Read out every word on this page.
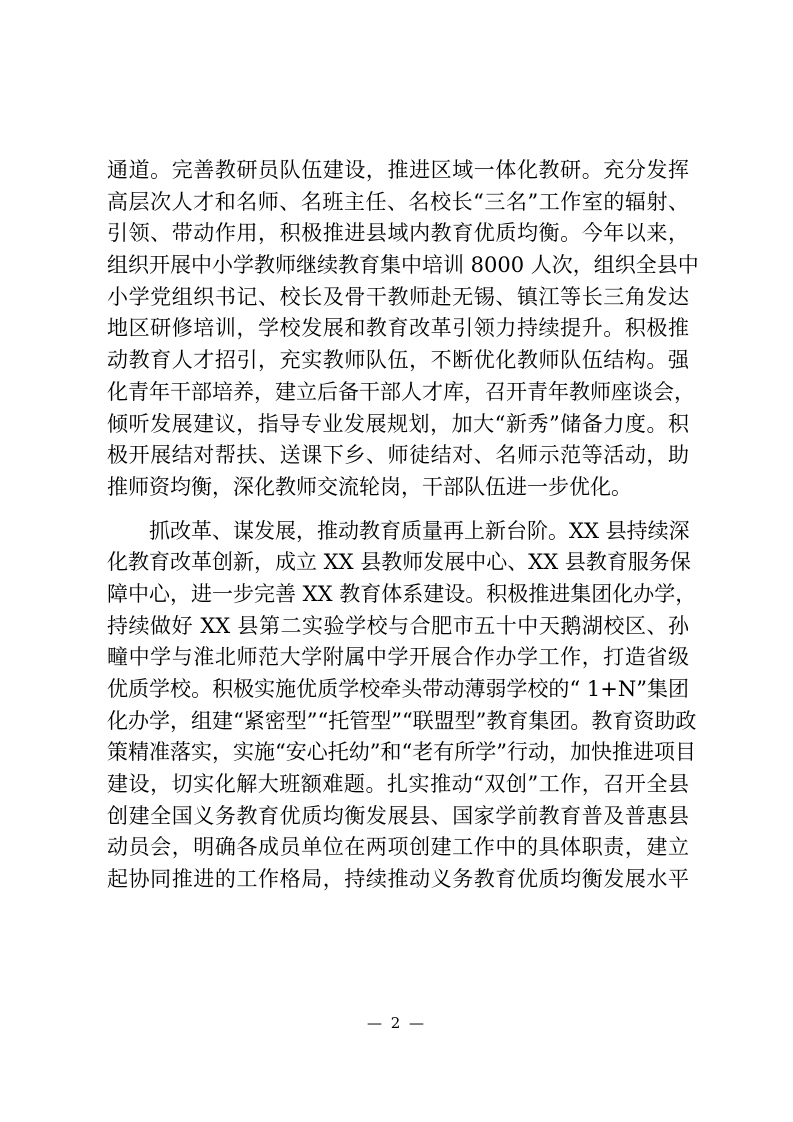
通道。完善教研员队伍建设，推进区域一体化教研。充分发挥
高层次人才和名师、名班主任、名校长“三名”工作室的辐射、
引领、带动作用，积极推进县域内教育优质均衡。今年以来，
组织开展中小学教师继续教育集中培训 8000 人次，组织全县中
小学党组织书记、校长及骨干教师赴无锡、镇江等长三角发达
地区研修培训，学校发展和教育改革引领力持续提升。积极推
动教育人才招引，充实教师队伍，不断优化教师队伍结构。强
化青年干部培养，建立后备干部人才库，召开青年教师座谈会，
倾听发展建议，指导专业发展规划，加大“新秀”储备力度。积
极开展结对帮扶、送课下乡、师徒结对、名师示范等活动，助
推师资均衡，深化教师交流轮岗，干部队伍进一步优化。
抓改革、谋发展，推动教育质量再上新台阶。XX 县持续深
化教育改革创新，成立 XX 县教师发展中心、XX 县教育服务保
障中心，进一步完善 XX 教育体系建设。积极推进集团化办学，
持续做好 XX 县第二实验学校与合肥市五十中天鹅湖校区、孙
疃中学与淮北师范大学附属中学开展合作办学工作，打造省级
优质学校。积极实施优质学校牵头带动薄弱学校的“ 1+N”集团
化办学，组建“紧密型”“托管型”“联盟型”教育集团。教育资助政
策精准落实，实施“安心托幼”和“老有所学”行动，加快推进项目
建设，切实化解大班额难题。扎实推动“双创”工作，召开全县
创建全国义务教育优质均衡发展县、国家学前教育普及普惠县
动员会，明确各成员单位在两项创建工作中的具体职责，建立
起协同推进的工作格局，持续推动义务教育优质均衡发展水平
— 2 —
